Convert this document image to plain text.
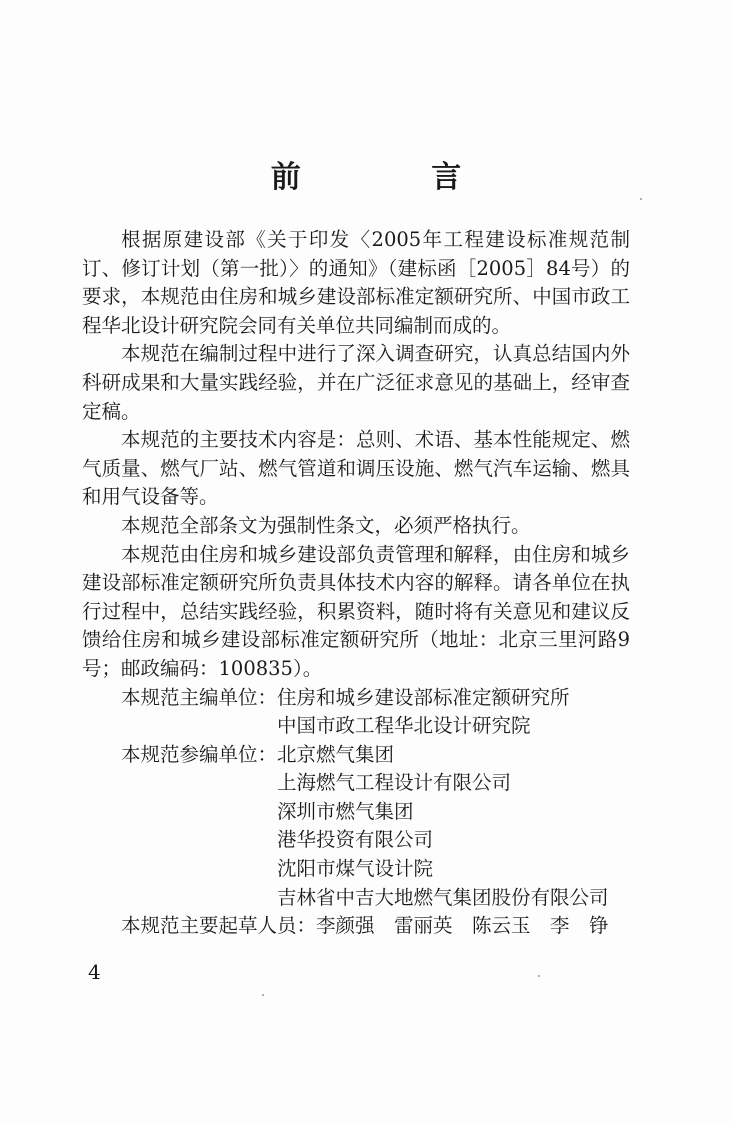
前 言

根据原建设部《关于印发〈2005年工程建设标准规范制订、修订计划（第一批）〉的通知》（建标函［2005］84号）的要求，本规范由住房和城乡建设部标准定额研究所、中国市政工程华北设计研究院会同有关单位共同编制而成的。

本规范在编制过程中进行了深入调查研究，认真总结国内外科研成果和大量实践经验，并在广泛征求意见的基础上，经审查定稿。

本规范的主要技术内容是：总则、术语、基本性能规定、燃气质量、燃气厂站、燃气管道和调压设施、燃气汽车运输、燃具和用气设备等。

本规范全部条文为强制性条文，必须严格执行。

本规范由住房和城乡建设部负责管理和解释，由住房和城乡建设部标准定额研究所负责具体技术内容的解释。请各单位在执行过程中，总结实践经验，积累资料，随时将有关意见和建议反馈给住房和城乡建设部标准定额研究所（地址：北京三里河路9号；邮政编码：100835）。

本规范主编单位： 住房和城乡建设部标准定额研究所
中国市政工程华北设计研究院
本规范参编单位： 北京燃气集团
上海燃气工程设计有限公司
深圳市燃气集团
港华投资有限公司
沈阳市煤气设计院
吉林省中吉大地燃气集团股份有限公司
本规范主要起草人员： 李颜强　雷丽英　陈云玉　李　铮
4
